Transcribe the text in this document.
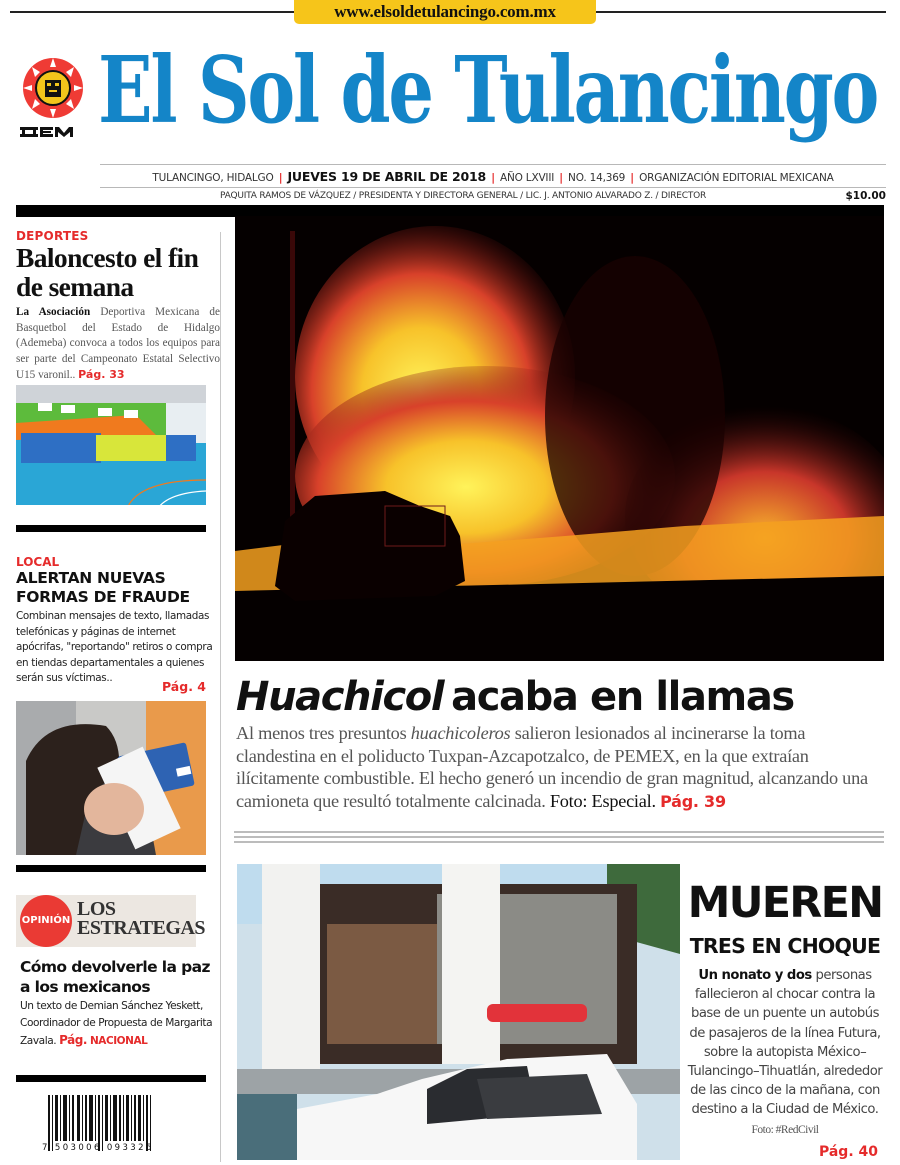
www.elsoldetulancingo.com.mx
El Sol de Tulancingo
TULANCINGO, HIDALGO | JUEVES 19 DE ABRIL DE 2018 | AÑO LXVIII | NO. 14,369 | ORGANIZACIÓN EDITORIAL MEXICANA
PAQUITA RAMOS DE VÁZQUEZ / PRESIDENTA Y DIRECTORA GENERAL / LIC. J. ANTONIO ALVARADO Z. / DIRECTOR	$10.00
DEPORTES
Baloncesto el fin de semana
La Asociación Deportiva Mexicana de Basquetbol del Estado de Hidalgo (Ademeba) convoca a todos los equipos para ser parte del Campeonato Estatal Selectivo U15 varonil.. Pág. 33
LOCAL
ALERTAN NUEVAS FORMAS DE FRAUDE
Combinan mensajes de texto, llamadas telefónicas y páginas de internet apócrifas, "reportando" retiros o compra en tiendas departamentales a quienes serán sus víctimas..
Pág. 4
OPINIÓN
LOS
ESTRATEGAS
Cómo devolverle la paz a los mexicanos
Un texto de Demian Sánchez Yeskett, Coordinador de Propuesta de Margarita Zavala. Pág. NACIONAL
7 503006 093326
Huachicol acaba en llamas
Al menos tres presuntos huachicoleros salieron lesionados al incinerarse la toma clandestina en el poliducto Tuxpan-Azcapotzalco, de PEMEX, en la que extraían ilícitamente combustible. El hecho generó un incendio de gran magnitud, alcanzando una camioneta que resultó totalmente calcinada. Foto: Especial. Pág. 39
MUEREN
TRES EN CHOQUE
Un nonato y dos personas fallecieron al chocar contra la base de un puente un autobús de pasajeros de la línea Futura, sobre la autopista México–Tulancingo–Tihuatlán, alrededor de las cinco de la mañana, con destino a la Ciudad de México. Foto: #RedCivil
Pág. 40
